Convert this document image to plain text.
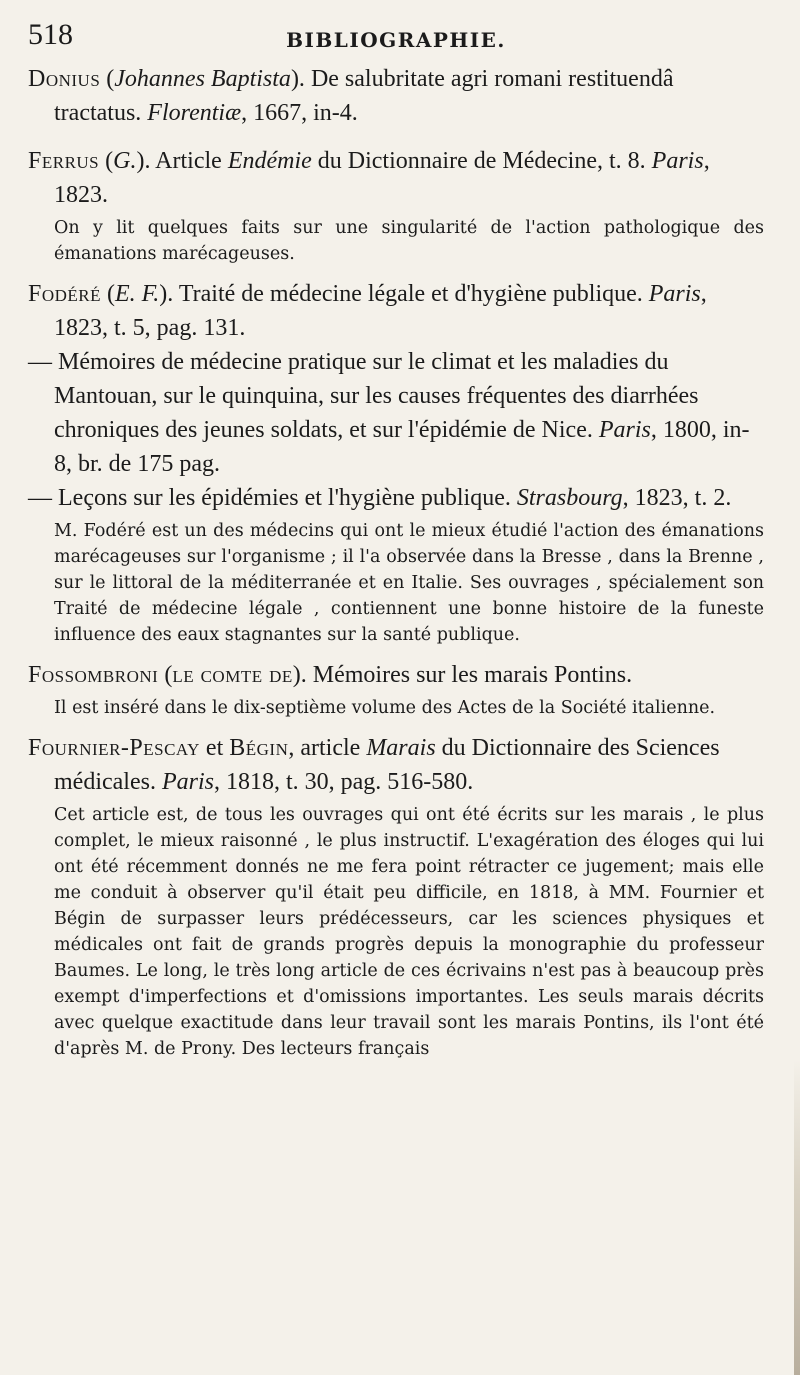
518	BIBLIOGRAPHIE.

Donius (Johannes Baptista). De salubritate agri romani restituendâ tractatus. Florentiæ, 1667, in-4.

Ferrus (G.). Article Endémie du Dictionnaire de Médecine, t. 8. Paris, 1823.

On y lit quelques faits sur une singularité de l'action pathologique des émanations marécageuses.

Fodéré (E. F.). Traité de médecine légale et d'hygiène publique. Paris, 1823, t. 5, pag. 131.

— Mémoires de médecine pratique sur le climat et les maladies du Mantouan, sur le quinquina, sur les causes fréquentes des diarrhées chroniques des jeunes soldats, et sur l'épidémie de Nice. Paris, 1800, in-8, br. de 175 pag.

— Leçons sur les épidémies et l'hygiène publique. Strasbourg, 1823, t. 2.

M. Fodéré est un des médecins qui ont le mieux étudié l'action des émanations marécageuses sur l'organisme ; il l'a observée dans la Bresse , dans la Brenne , sur le littoral de la méditerranée et en Italie. Ses ouvrages , spécialement son Traité de médecine légale , contiennent une bonne histoire de la funeste influence des eaux stagnantes sur la santé publique.

Fossombroni (le comte de). Mémoires sur les marais Pontins.

Il est inséré dans le dix-septième volume des Actes de la Société italienne.

Fournier-Pescay et Bégin, article Marais du Dictionnaire des Sciences médicales. Paris, 1818, t. 30, pag. 516-580.

Cet article est, de tous les ouvrages qui ont été écrits sur les marais , le plus complet, le mieux raisonné , le plus instructif. L'exagération des éloges qui lui ont été récemment donnés ne me fera point rétracter ce jugement; mais elle me conduit à observer qu'il était peu difficile, en 1818, à MM. Fournier et Bégin de surpasser leurs prédécesseurs, car les sciences physiques et médicales ont fait de grands progrès depuis la monographie du professeur Baumes. Le long, le très long article de ces écrivains n'est pas à beaucoup près exempt d'imperfections et d'omissions importantes. Les seuls marais décrits avec quelque exactitude dans leur travail sont les marais Pontins, ils l'ont été d'après M. de Prony. Des lecteurs français
